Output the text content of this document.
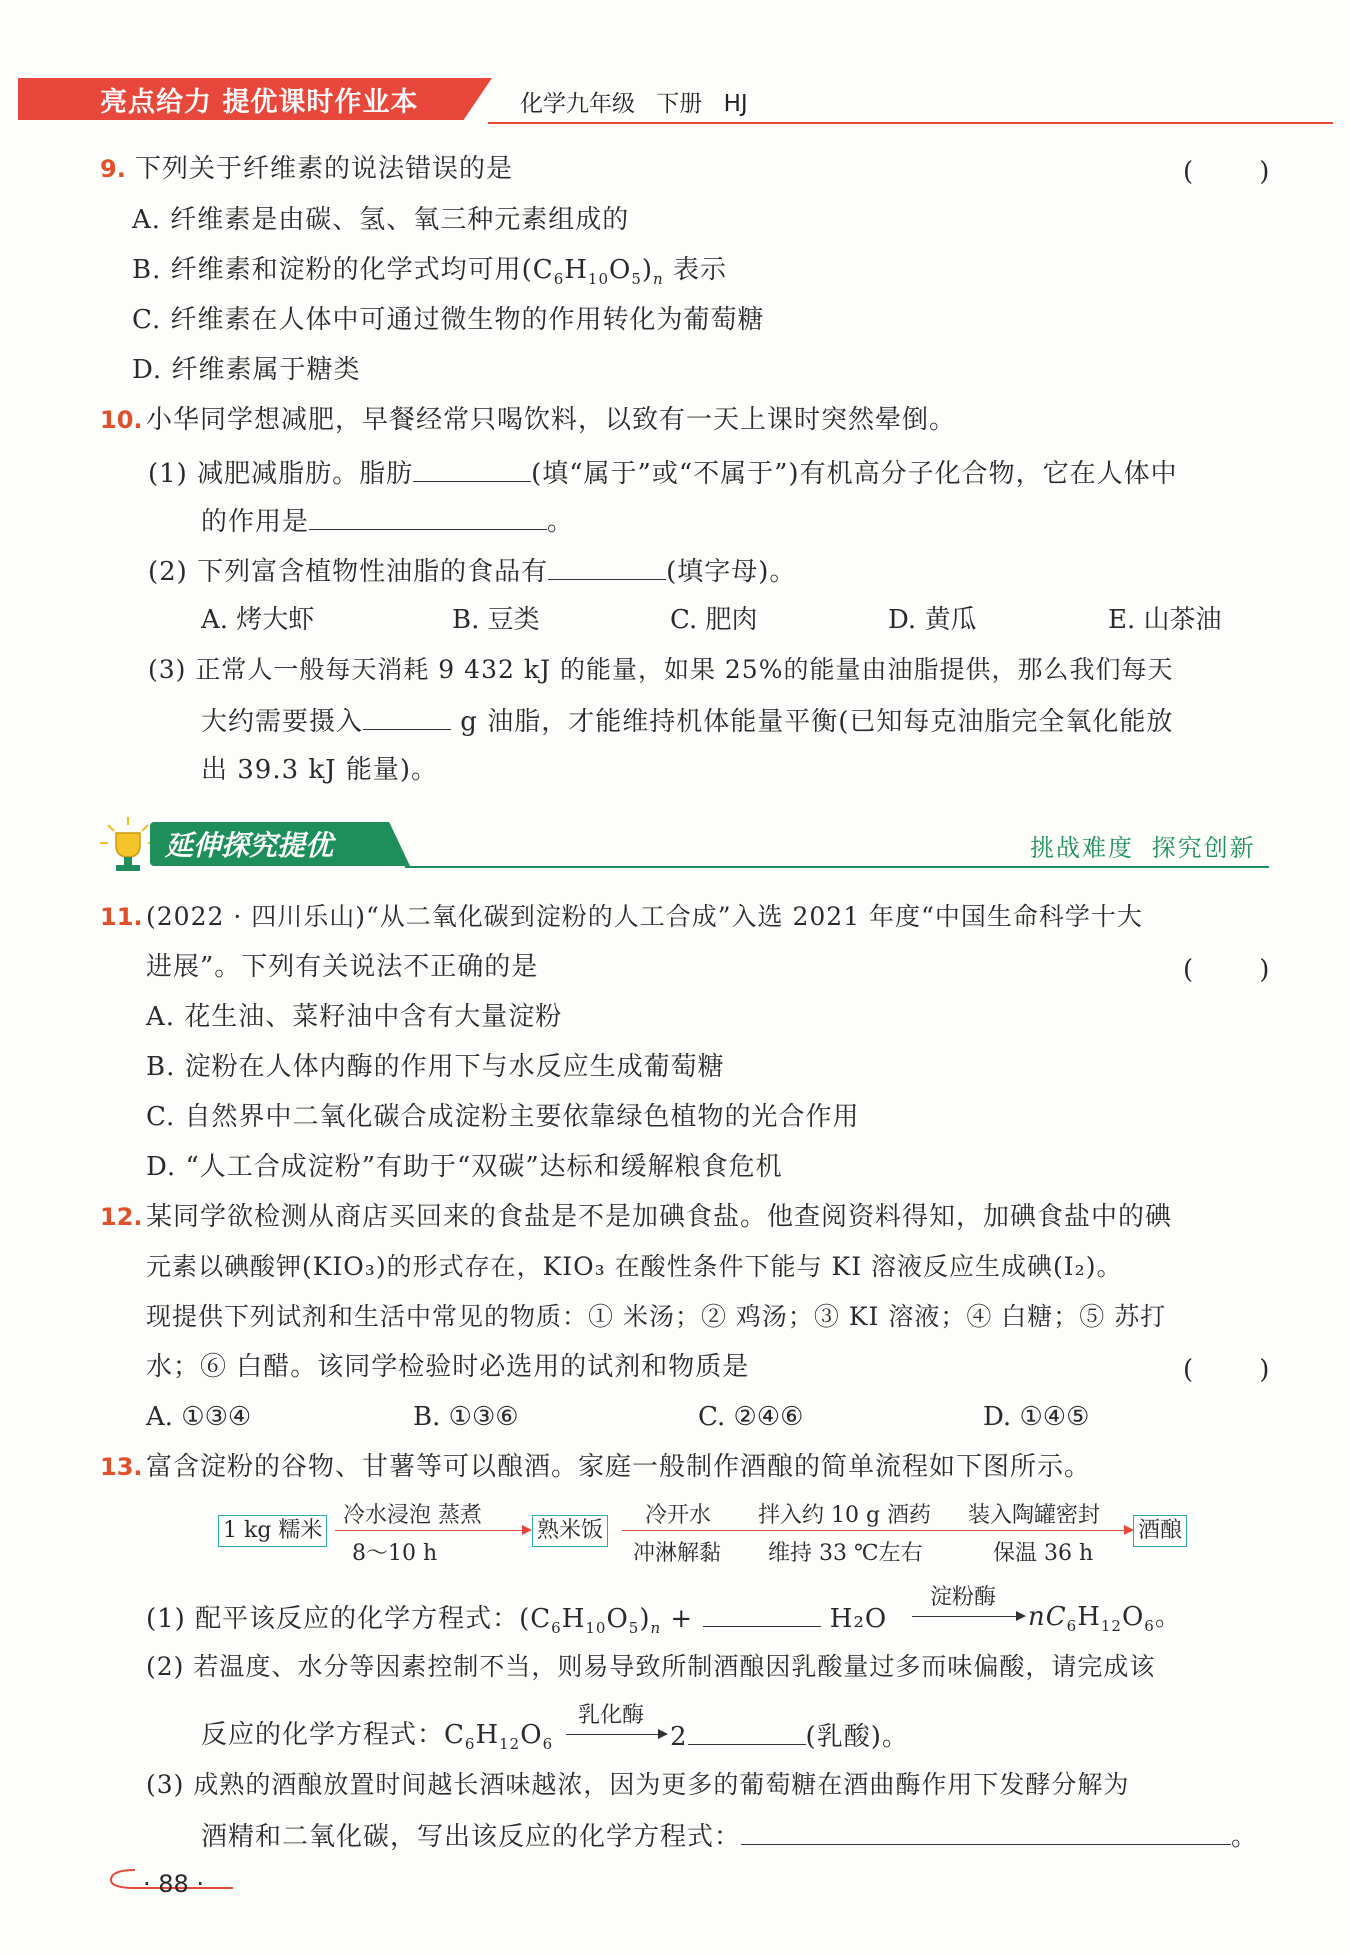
亮点给力 提优课时作业本	化学九年级 下册 HJ
9. 下列关于纤维素的说法错误的是	(        )
A. 纤维素是由碳、氢、氧三种元素组成的
B. 纤维素和淀粉的化学式均可用$(C_6H_{10}O_5)_n$ 表示
C. 纤维素在人体中可通过微生物的作用转化为葡萄糖
D. 纤维素属于糖类
10. 小华同学想减肥，早餐经常只喝饮料，以致有一天上课时突然晕倒。
(1) 减肥减脂肪。脂肪	(填“属于”或“不属于”)有机高分子化合物，它在人体中
的作用是	。
(2) 下列富含植物性油脂的食品有	(填字母)。
A. 烤大虾	B. 豆类	C. 肥肉	D. 黄瓜	E. 山茶油
(3) 正常人一般每天消耗 9 432 kJ 的能量，如果 25%的能量由油脂提供，那么我们每天
大约需要摄入	g 油脂，才能维持机体能量平衡(已知每克油脂完全氧化能放
出 39.3 kJ 能量)。
延伸探究提优	挑战难度 探究创新
11. (2022 · 四川乐山)“从二氧化碳到淀粉的人工合成”入选 2021 年度“中国生命科学十大
进展”。下列有关说法不正确的是	(        )
A. 花生油、菜籽油中含有大量淀粉
B. 淀粉在人体内酶的作用下与水反应生成葡萄糖
C. 自然界中二氧化碳合成淀粉主要依靠绿色植物的光合作用
D. “人工合成淀粉”有助于“双碳”达标和缓解粮食危机
12. 某同学欲检测从商店买回来的食盐是不是加碘食盐。他查阅资料得知，加碘食盐中的碘
元素以碘酸钾(KIO₃)的形式存在，KIO₃ 在酸性条件下能与 KI 溶液反应生成碘(I₂)。
现提供下列试剂和生活中常见的物质：① 米汤；② 鸡汤；③ KI 溶液；④ 白糖；⑤ 苏打
水；⑥ 白醋。该同学检验时必选用的试剂和物质是	(        )
A. ①③④	B. ①③⑥	C. ②④⑥	D. ①④⑤
13. 富含淀粉的谷物、甘薯等可以酿酒。家庭一般制作酒酿的简单流程如下图所示。
1 kg 糯米
冷水浸泡 蒸煮
8～10 h
熟米饭
冷开水
冲淋解黏
拌入约 10 g 酒药
维持 33 ℃左右
装入陶罐密封
保温 36 h
酒酿
(1) 配平该反应的化学方程式：$(C_6H_{10}O_5)_n$ +	H₂O
淀粉酶
$nC_6H_{12}O_6$。
(2) 若温度、水分等因素控制不当，则易导致所制酒酿因乳酸量过多而味偏酸，请完成该
反应的化学方程式：$C_6H_{12}O_6$
乳化酶
2	(乳酸)。
(3) 成熟的酒酿放置时间越长酒味越浓，因为更多的葡萄糖在酒曲酶作用下发酵分解为
酒精和二氧化碳，写出该反应的化学方程式：	。
· 88 ·
